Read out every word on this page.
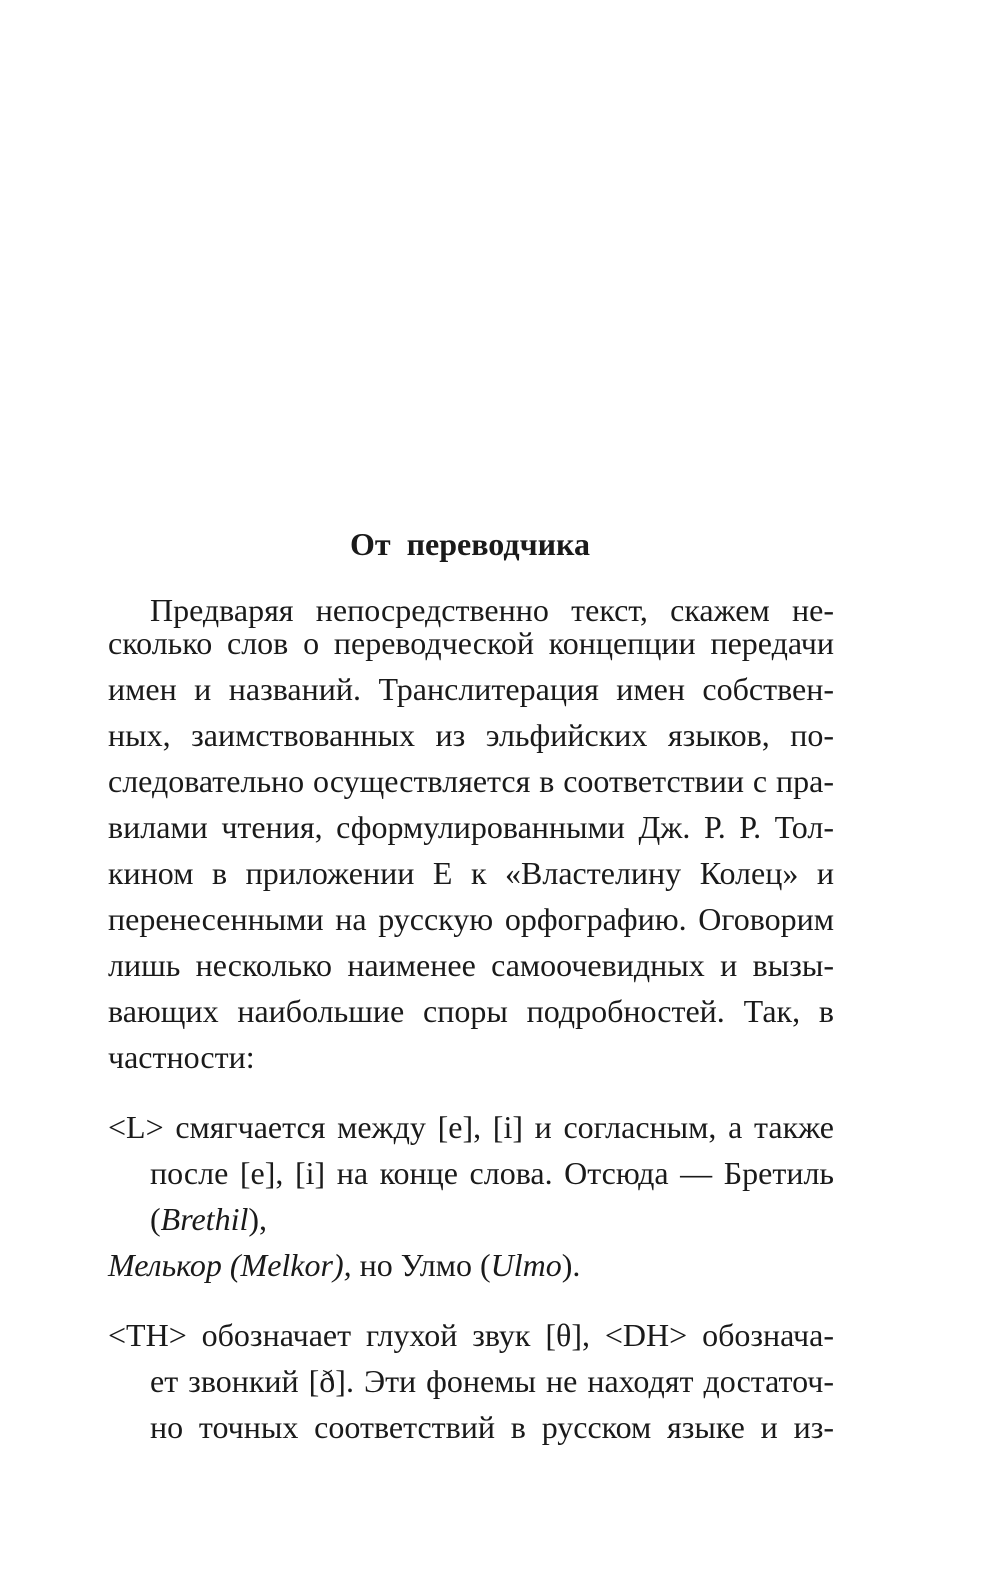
От переводчика

Предваряя непосредственно текст, скажем не-

сколько слов о переводческой концепции передачи

имен и названий. Транслитерация имен собствен-

ных, заимствованных из эльфийских языков, по-

следовательно осуществляется в соответствии с пра-

вилами чтения, сформулированными Дж. Р. Р. Тол-

кином в приложении Е к «Властелину Колец» и

перенесенными на русскую орфографию. Оговорим

лишь несколько наименее самоочевидных и вызы-

вающих наибольшие споры подробностей. Так, в

частности:

<L> смягчается между [e], [i] и согласным, а также

после [e], [i] на конце слова. Отсюда — Бретиль

(Brethil),

Мелькор (Melkor), но Улмо (Ulmo).

<TH> обозначает глухой звук [θ], <DH> обознача-

ет звонкий [ð]. Эти фонемы не находят достаточ-

но точных соответствий в русском языке и из-
